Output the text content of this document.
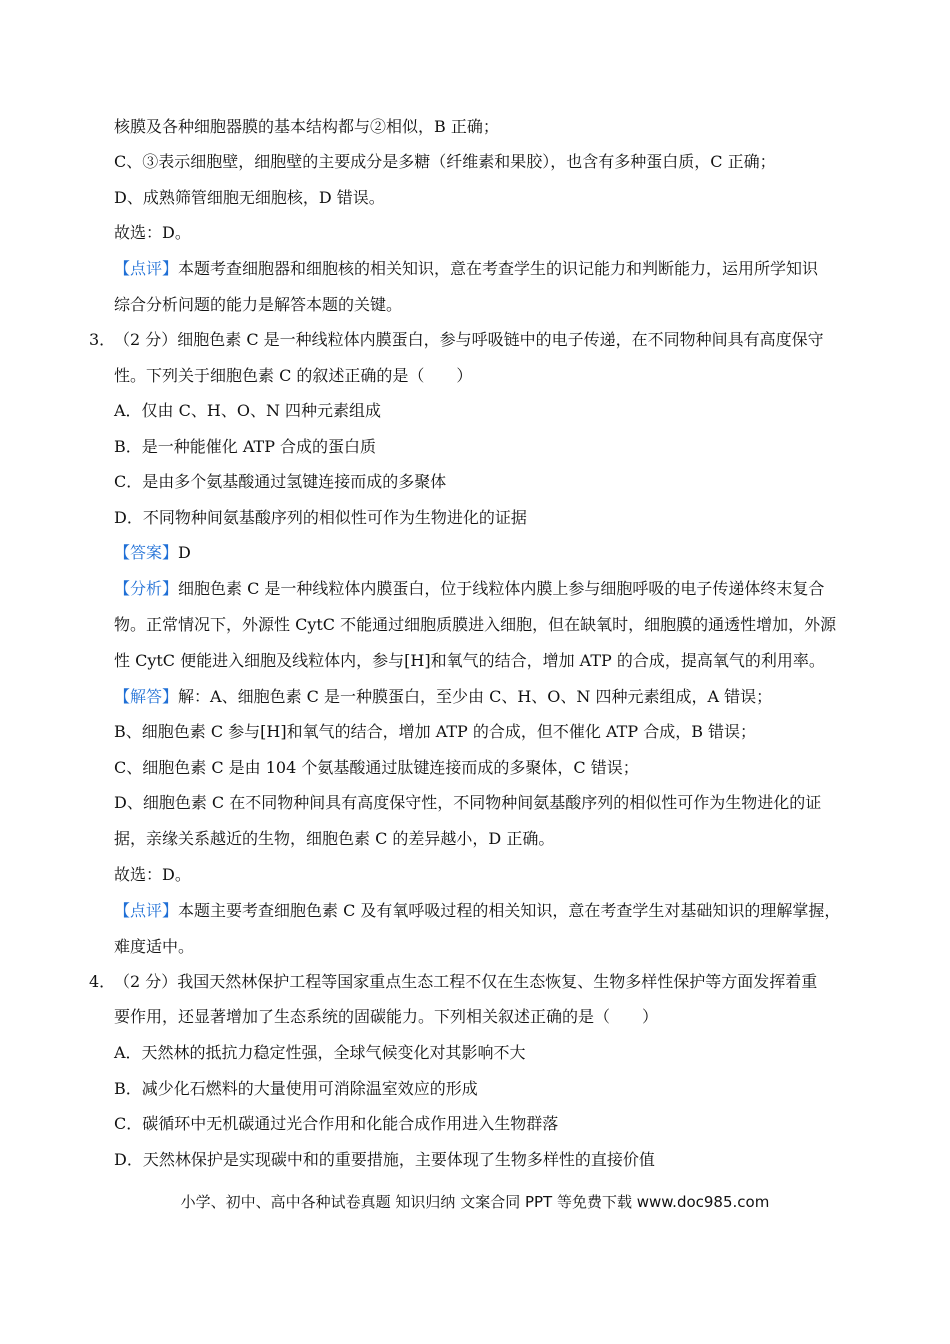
核膜及各种细胞器膜的基本结构都与②相似，B 正确；
C、③表示细胞壁，细胞壁的主要成分是多糖（纤维素和果胶），也含有多种蛋白质，C 正确；
D、成熟筛管细胞无细胞核，D 错误。
故选：D。
【点评】本题考查细胞器和细胞核的相关知识，意在考查学生的识记能力和判断能力，运用所学知识
综合分析问题的能力是解答本题的关键。
3．
（2 分）细胞色素 C 是一种线粒体内膜蛋白，参与呼吸链中的电子传递，在不同物种间具有高度保守
性。下列关于细胞色素 C 的叙述正确的是（　　）
A．仅由 C、H、O、N 四种元素组成
B．是一种能催化 ATP 合成的蛋白质
C．是由多个氨基酸通过氢键连接而成的多聚体
D．不同物种间氨基酸序列的相似性可作为生物进化的证据
【答案】D
【分析】细胞色素 C 是一种线粒体内膜蛋白，位于线粒体内膜上参与细胞呼吸的电子传递体终末复合
物。正常情况下，外源性 CytC 不能通过细胞质膜进入细胞，但在缺氧时，细胞膜的通透性增加，外源
性 CytC 便能进入细胞及线粒体内，参与[H]和氧气的结合，增加 ATP 的合成，提高氧气的利用率。
【解答】解：A、细胞色素 C 是一种膜蛋白，至少由 C、H、O、N 四种元素组成，A 错误；
B、细胞色素 C 参与[H]和氧气的结合，增加 ATP 的合成，但不催化 ATP 合成，B 错误；
C、细胞色素 C 是由 104 个氨基酸通过肽键连接而成的多聚体，C 错误；
D、细胞色素 C 在不同物种间具有高度保守性，不同物种间氨基酸序列的相似性可作为生物进化的证
据，亲缘关系越近的生物，细胞色素 C 的差异越小，D 正确。
故选：D。
【点评】本题主要考查细胞色素 C 及有氧呼吸过程的相关知识，意在考查学生对基础知识的理解掌握，
难度适中。
4．
（2 分）我国天然林保护工程等国家重点生态工程不仅在生态恢复、生物多样性保护等方面发挥着重
要作用，还显著增加了生态系统的固碳能力。下列相关叙述正确的是（　　）
A．天然林的抵抗力稳定性强，全球气候变化对其影响不大
B．减少化石燃料的大量使用可消除温室效应的形成
C．碳循环中无机碳通过光合作用和化能合成作用进入生物群落
D．天然林保护是实现碳中和的重要措施，主要体现了生物多样性的直接价值
小学、初中、高中各种试卷真题 知识归纳 文案合同 PPT 等免费下载 www.doc985.com
